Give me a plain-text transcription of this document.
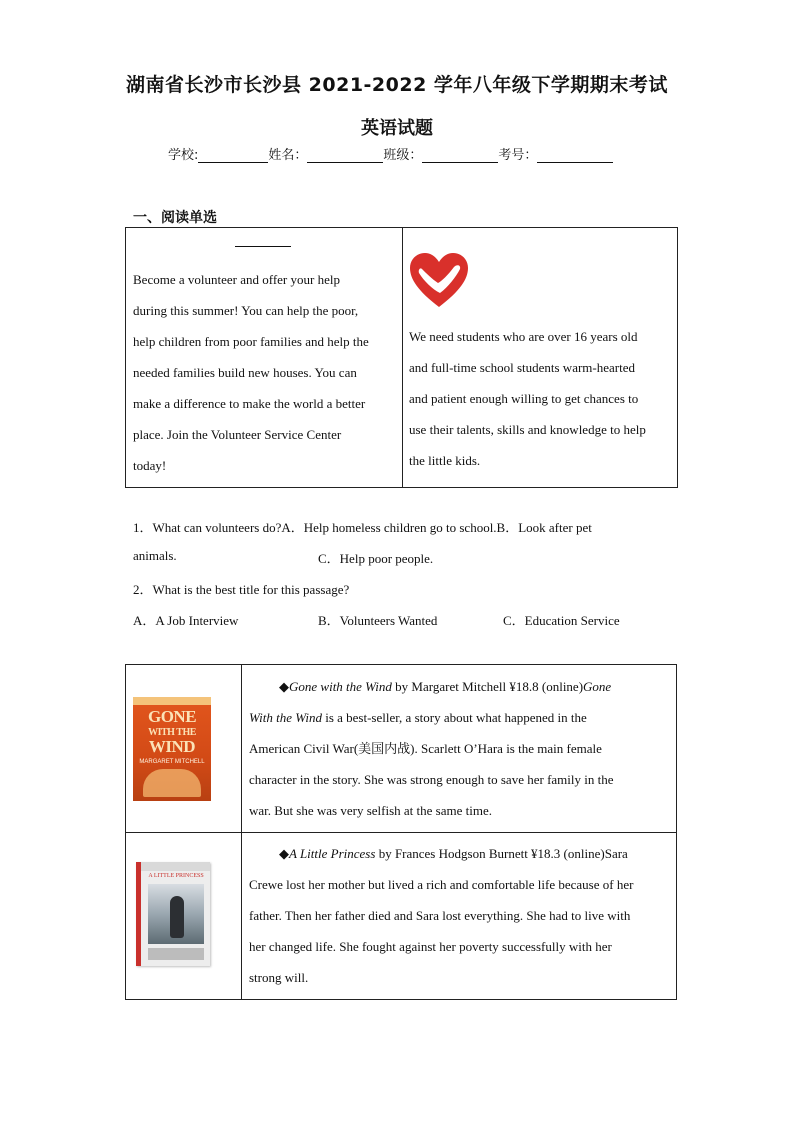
湖南省长沙市长沙县 2021-2022 学年八年级下学期期末考试
英语试题
学校:	姓名：	班级：	考号：
一、阅读单选

Become a volunteer and offer your help
during this summer! You can help the poor,
help children from poor families and help the
needed families build new houses. You can
make a difference to make the world a better
place. Join the Volunteer Service Center
today!
We need students who are over 16 years old
and full-time school students warm-hearted
and patient enough willing to get chances to
use their talents, skills and knowledge to help
the little kids.
1．What can volunteers do?A．Help homeless children go to school.B．Look after pet
animals.	C．Help poor people.
2．What is the best title for this passage?
A．A Job Interview	B．Volunteers Wanted	C．Education Service

GONE
WITH THE
WIND
MARGARET MITCHELL
A LITTLE PRINCESS
◆Gone with the Wind by Margaret Mitchell ¥18.8 (online)Gone
With the Wind is a best-seller, a story about what happened in the
American Civil War(美国内战). Scarlett O’Hara is the main female
character in the story. She was strong enough to save her family in the
war. But she was very selfish at the same time.
◆A Little Princess by Frances Hodgson Burnett ¥18.3 (online)Sara
Crewe lost her mother but lived a rich and comfortable life because of her
father. Then her father died and Sara lost everything. She had to live with
her changed life. She fought against her poverty successfully with her
strong will.
